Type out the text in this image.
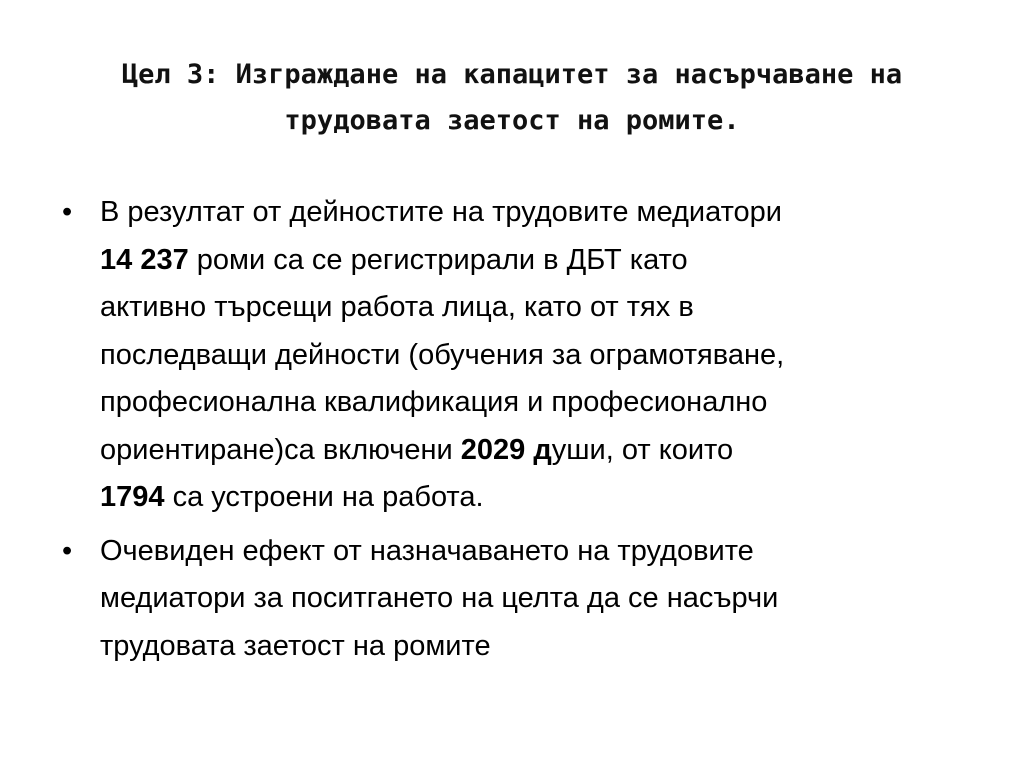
Цел 3: Изграждане на капацитет за насърчаване на
трудовата заетост на ромите.
• В резултат от дейностите на трудовите медиатори
14 237 роми са се регистрирали в ДБТ като
активно търсещи работа лица, като от тях в
последващи дейности (обучения за ограмотяване,
професионална квалификация и професионално
ориентиране)са включени 2029 души, от които
1794 са устроени на работа.
• Очевиден ефект от назначаването на трудовите
медиатори за поситгането на целта да се насърчи
трудовата заетост на ромите
